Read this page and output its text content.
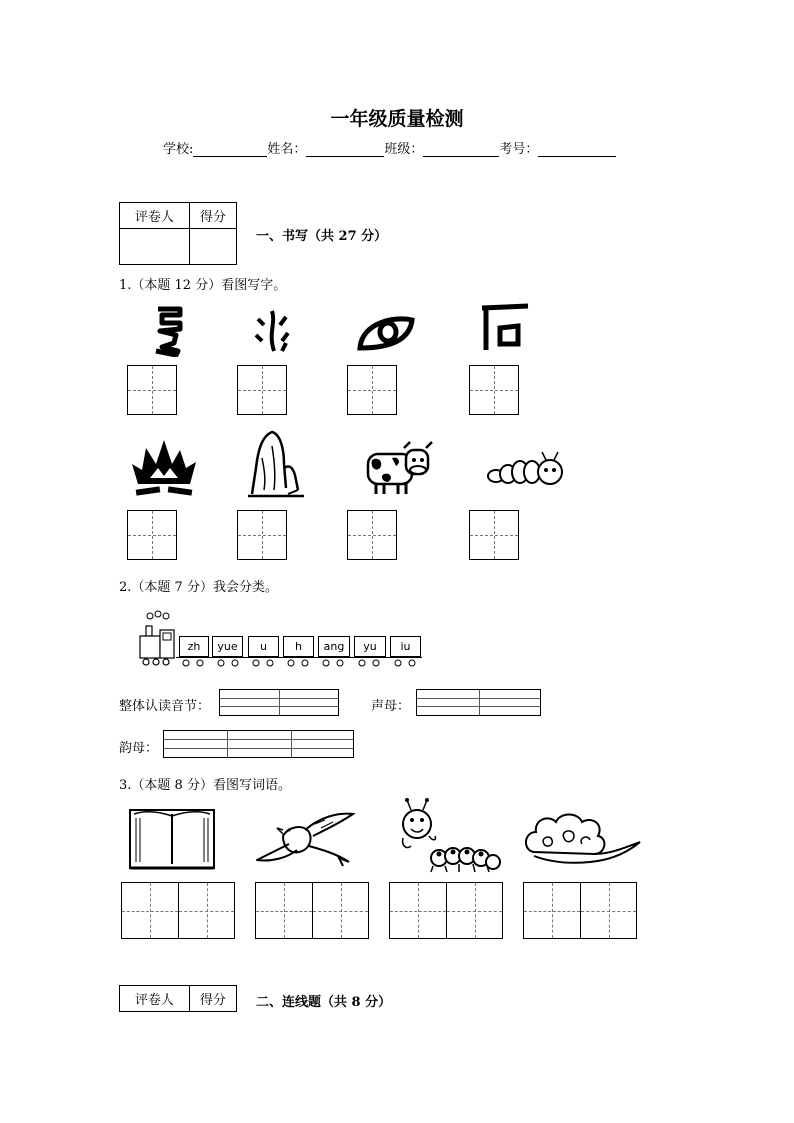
一年级质量检测
学校:	姓名：	班级：	考号：
评卷人	得分

一、书写（共 27 分）
1.（本题 12 分）看图写字。
2.（本题 7 分）我会分类。
zh	yue	u	h	ang	yu	iu
整体认读音节：	声母：
韵母：
3.（本题 8 分）看图写词语。
评卷人	得分 二、连线题（共 8 分）
